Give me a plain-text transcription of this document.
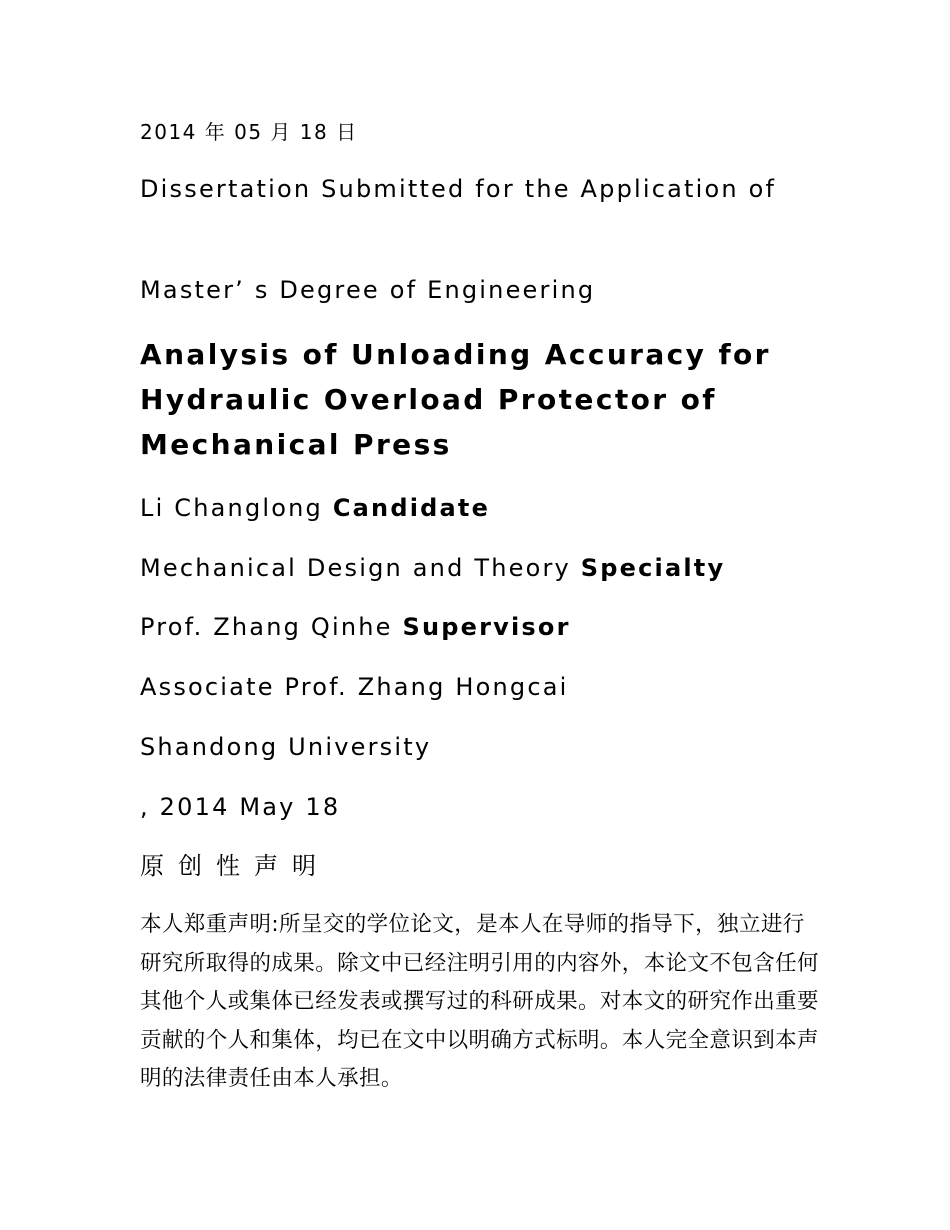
2014 年 05 月 18 日
Dissertation Submitted for the Application of
Master’ s Degree of Engineering
Analysis of Unloading Accuracy for Hydraulic Overload Protector of Mechanical Press
Li Changlong Candidate
Mechanical Design and Theory Specialty
Prof. Zhang Qinhe Supervisor
Associate Prof. Zhang Hongcai
Shandong University
, 2014 May 18
原创性声明
本人郑重声明:所呈交的学位论文，是本人在导师的指导下，独立进行研究所取得的成果。除文中已经注明引用的内容外，本论文不包含任何其他个人或集体已经发表或撰写过的科研成果。对本文的研究作出重要贡献的个人和集体，均已在文中以明确方式标明。本人完全意识到本声明的法律责任由本人承担。
